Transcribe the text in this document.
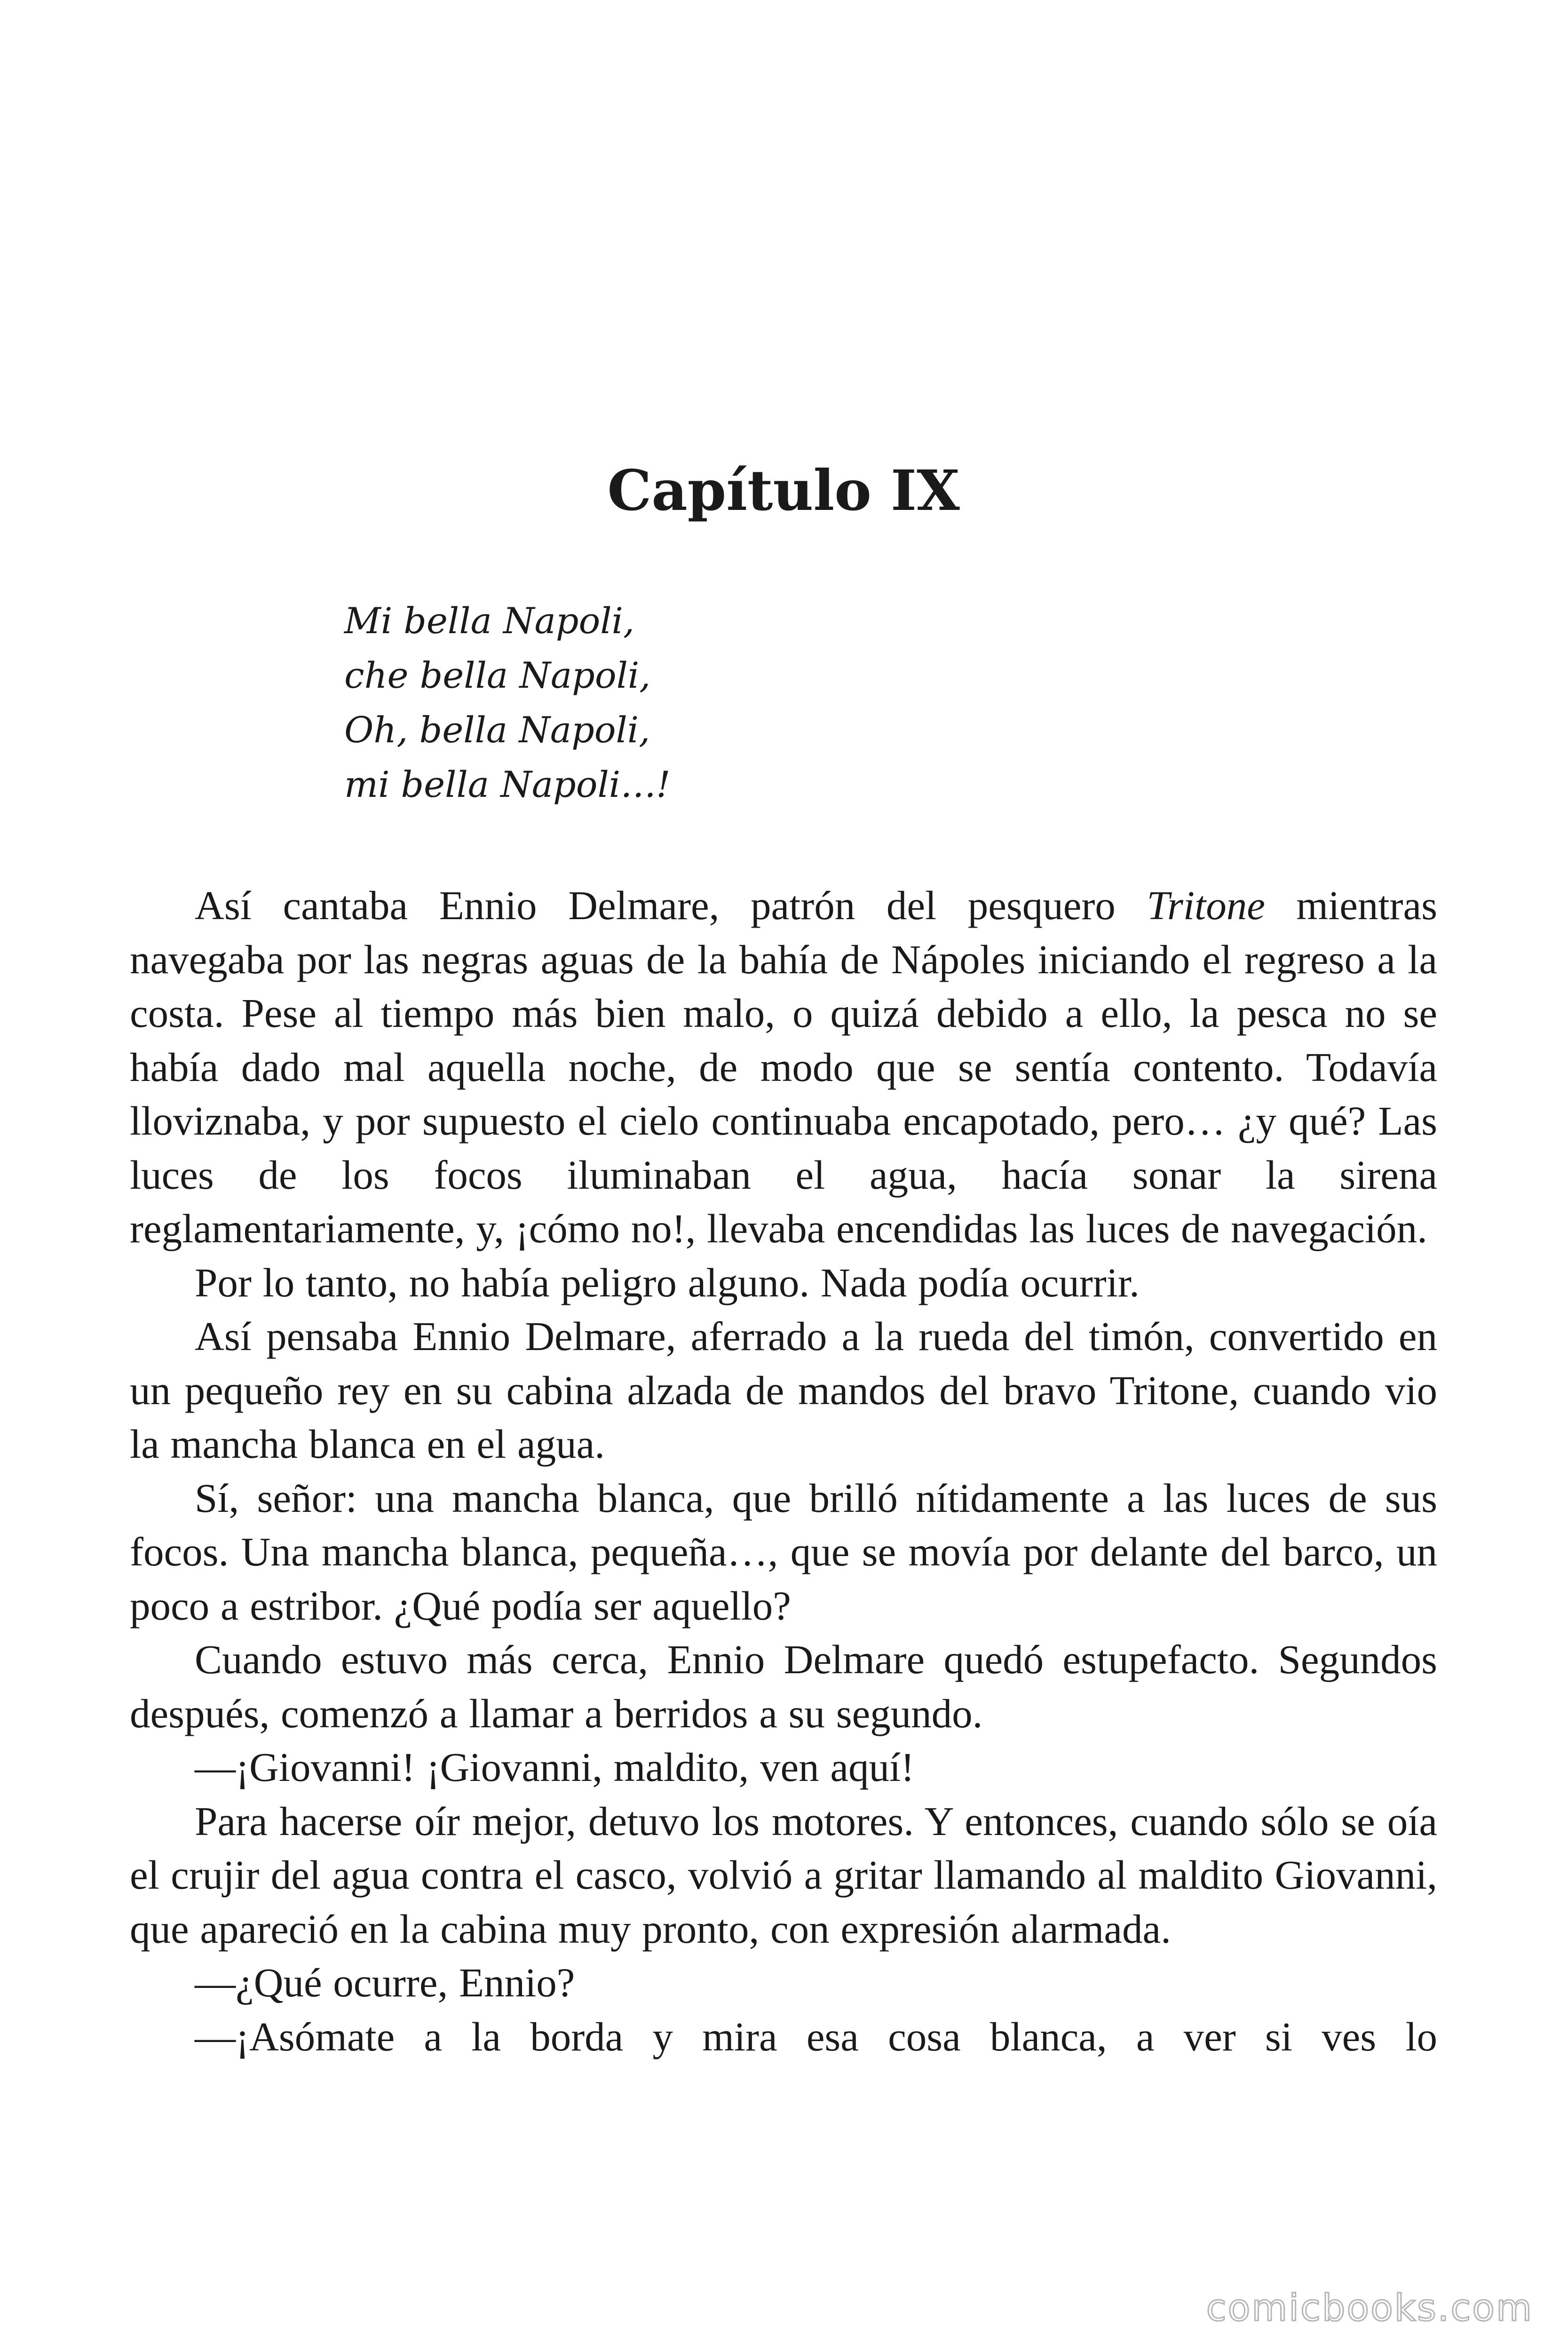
Capítulo IX
Mi bella Napoli,
che bella Napoli,
Oh, bella Napoli,
mi bella Napoli…!

Así cantaba Ennio Delmare, patrón del pesquero Tritone mientras navegaba por las negras aguas de la bahía de Nápoles iniciando el regreso a la costa. Pese al tiempo más bien malo, o quizá debido a ello, la pesca no se había dado mal aquella noche, de modo que se sentía contento. Todavía lloviznaba, y por supuesto el cielo continuaba encapotado, pero… ¿y qué? Las luces de los focos iluminaban el agua, hacía sonar la sirena reglamentariamente, y, ¡cómo no!, llevaba encendidas las luces de navegación.

Por lo tanto, no había peligro alguno. Nada podía ocurrir.

Así pensaba Ennio Delmare, aferrado a la rueda del timón, convertido en un pequeño rey en su cabina alzada de mandos del bravo Tritone, cuando vio la mancha blanca en el agua.

Sí, señor: una mancha blanca, que brilló nítidamente a las luces de sus focos. Una mancha blanca, pequeña…, que se movía por delante del barco, un poco a estribor. ¿Qué podía ser aquello?

Cuando estuvo más cerca, Ennio Delmare quedó estupefacto. Segundos después, comenzó a llamar a berridos a su segundo.

—¡Giovanni! ¡Giovanni, maldito, ven aquí!

Para hacerse oír mejor, detuvo los motores. Y entonces, cuando sólo se oía el crujir del agua contra el casco, volvió a gritar llamando al maldito Giovanni, que apareció en la cabina muy pronto, con expresión alarmada.

—¿Qué ocurre, Ennio?

—¡Asómate a la borda y mira esa cosa blanca, a ver si ves lo

comicbooks.com
